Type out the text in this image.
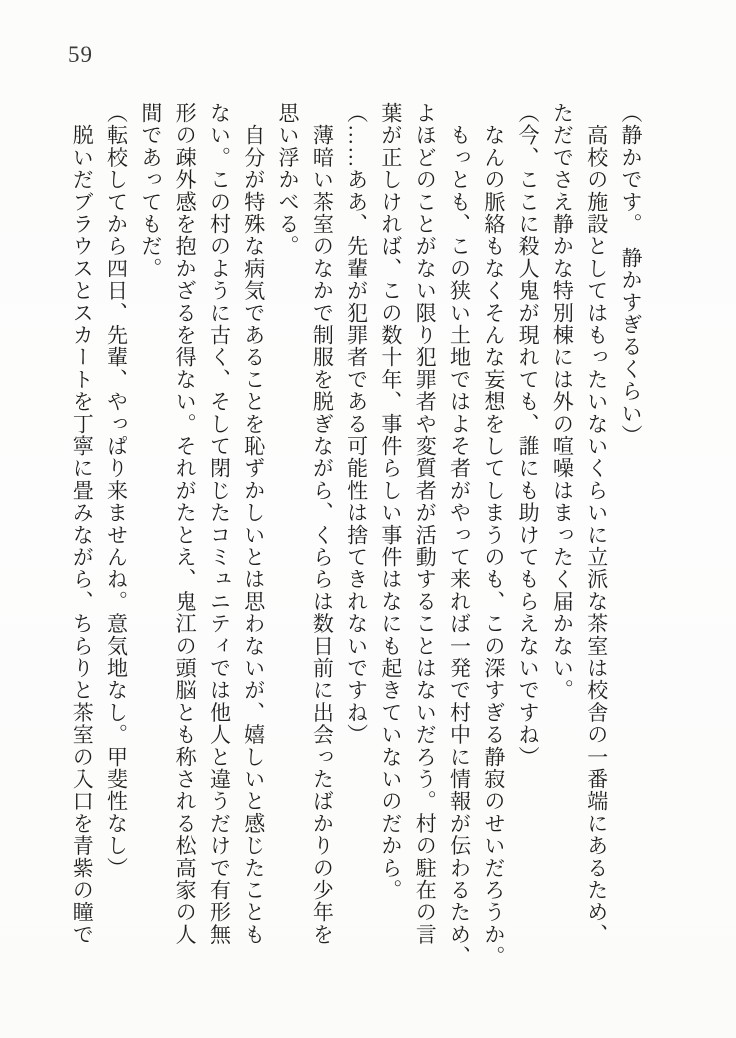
59

（静かです。　静かすぎるくらい）

　高校の施設としてはもったいないくらいに立派な茶室は校舎の一番端にあるため、

ただでさえ静かな特別棟には外の喧噪はまったく届かない。

（今、ここに殺人鬼が現れても、誰にも助けてもらえないですね）

　なんの脈絡もなくそんな妄想をしてしまうのも、この深すぎる静寂のせいだろうか。

　もっとも、この狭い土地ではよそ者がやって来れば一発で村中に情報が伝わるため、

よほどのことがない限り犯罪者や変質者が活動することはないだろう。村の駐在の言

葉が正しければ、この数十年、事件らしい事件はなにも起きていないのだから。

（……ああ、先輩が犯罪者である可能性は捨てきれないですね）

　薄暗い茶室のなかで制服を脱ぎながら、くららは数日前に出会ったばかりの少年を

思い浮かべる。

　自分が特殊な病気であることを恥ずかしいとは思わないが、嬉しいと感じたことも

ない。この村のように古く、そして閉じたコミュニティでは他人と違うだけで有形無

形の疎外感を抱かざるを得ない。それがたとえ、鬼江の頭脳とも称される松高家の人

間であってもだ。

（転校してから四日、先輩、やっぱり来ませんね。意気地なし。甲斐性なし）

　脱いだブラウスとスカートを丁寧に畳みながら、ちらりと茶室の入口を青紫の瞳で
